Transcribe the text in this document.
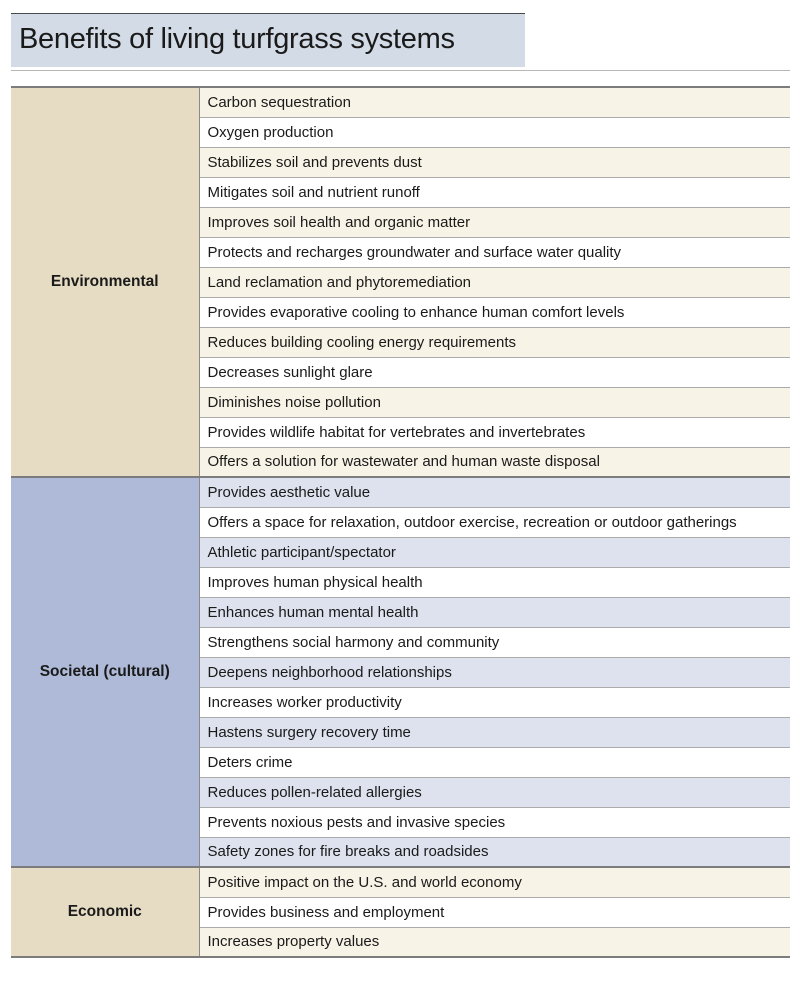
Benefits of living turfgrass systems
Environmental	Carbon sequestration
	Oxygen production
	Stabilizes soil and prevents dust
	Mitigates soil and nutrient runoff
	Improves soil health and organic matter
	Protects and recharges groundwater and surface water quality
	Land reclamation and phytoremediation
	Provides evaporative cooling to enhance human comfort levels
	Reduces building cooling energy requirements
	Decreases sunlight glare
	Diminishes noise pollution
	Provides wildlife habitat for vertebrates and invertebrates
	Offers a solution for wastewater and human waste disposal
Societal (cultural)	Provides aesthetic value
	Offers a space for relaxation, outdoor exercise, recreation or outdoor gatherings
	Athletic participant/spectator
	Improves human physical health
	Enhances human mental health
	Strengthens social harmony and community
	Deepens neighborhood relationships
	Increases worker productivity
	Hastens surgery recovery time
	Deters crime
	Reduces pollen-related allergies
	Prevents noxious pests and invasive species
	Safety zones for fire breaks and roadsides
Economic	Positive impact on the U.S. and world economy
	Provides business and employment
	Increases property values
